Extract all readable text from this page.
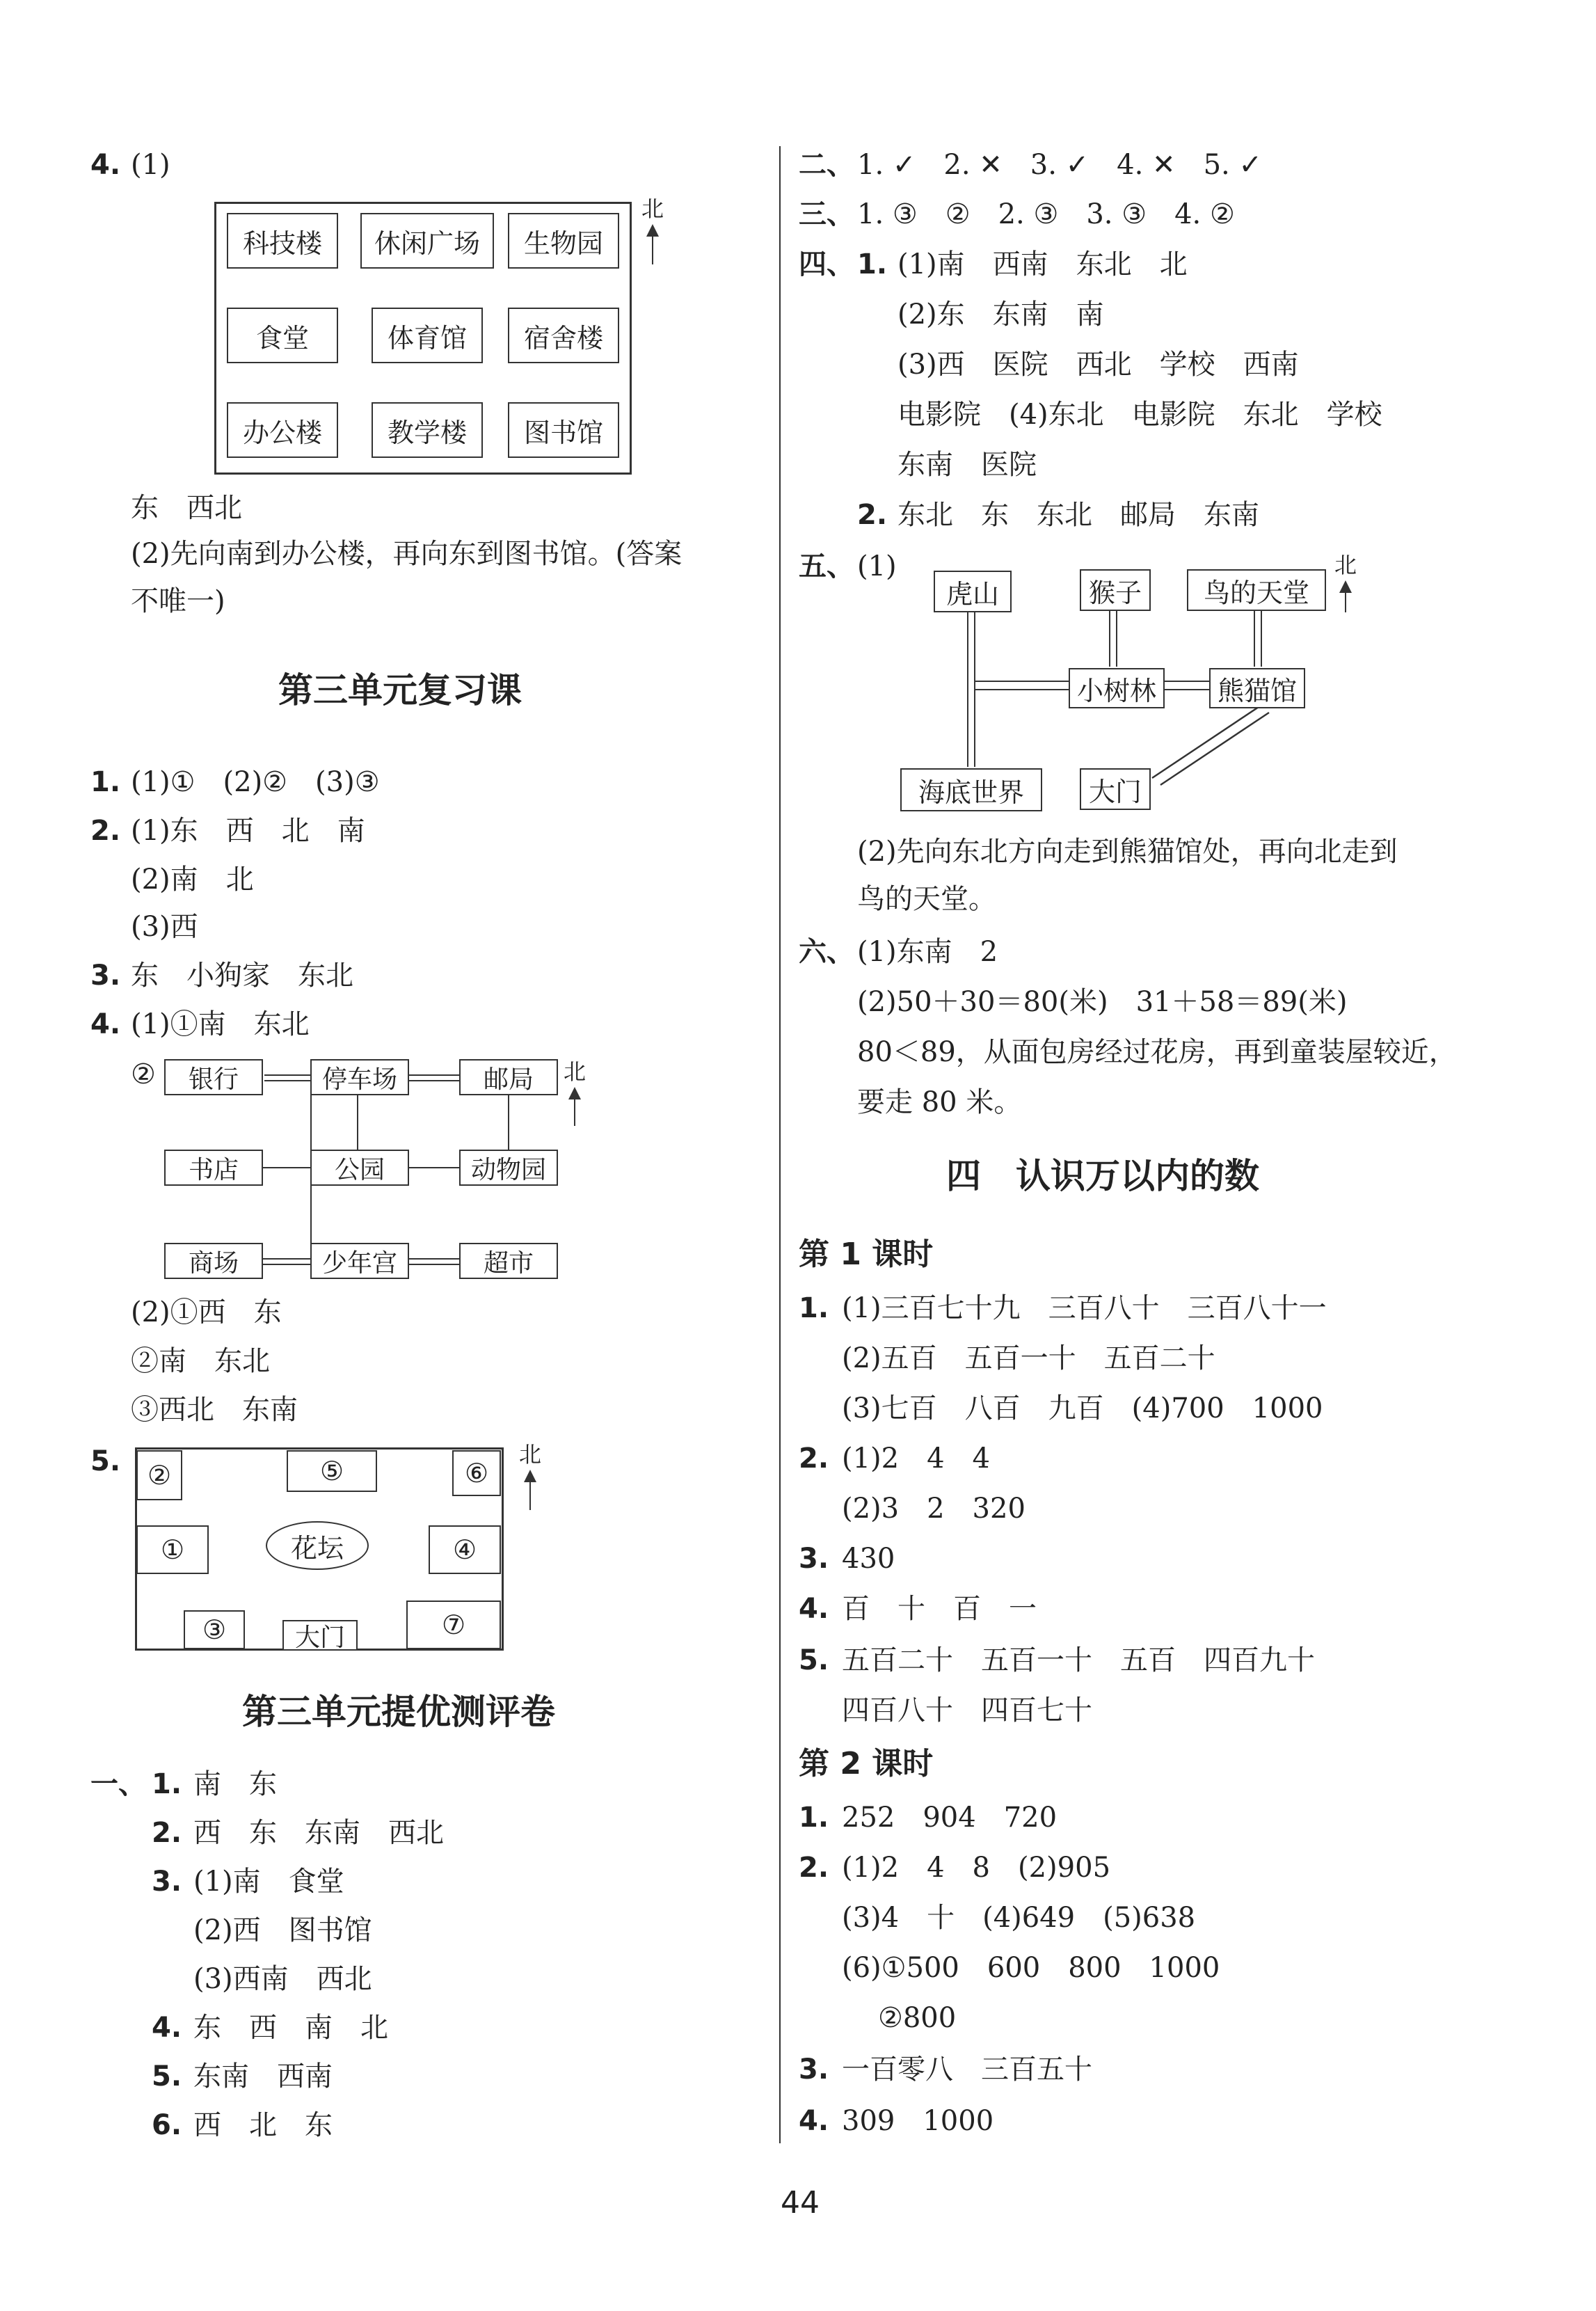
4. (1)
科技楼	休闲广场	生物园
食堂	体育馆	宿舍楼
办公楼	教学楼	图书馆
北
东　西北
(2)先向南到办公楼，再向东到图书馆。(答案
不唯一)
第三单元复习课
1. (1)①　(2)②　(3)③
2. (1)东　西　北　南
(2)南　北
(3)西
3. 东　小狗家　东北
4. (1)①南　东北
②	银行	停车场	邮局
书店	公园	动物园
商场	少年宫	超市
北
(2)①西　东
②南　东北
③西北　东南
5.	②	⑤	⑥
①	④
花坛
③	大门	⑦
北
第三单元提优测评卷
一、 1. 南　东
2. 西　东　东南　西北
3. (1)南　食堂
(2)西　图书馆
(3)西南　西北
4. 东　西　南　北
5. 东南　西南
6. 西　北　东
二、 1. ✓　2. ✕　3. ✓　4. ✕　5. ✓
三、 1. ③　②　2. ③　3. ③　4. ②
四、 1. (1)南　西南　东北　北
(2)东　东南　南
(3)西　医院　西北　学校　西南
电影院　(4)东北　电影院　东北　学校
东南　医院
2. 东北　东　东北　邮局　东南
五、 (1)
虎山	猴子	鸟的天堂
小树林	熊猫馆
海底世界	大门
北
(2)先向东北方向走到熊猫馆处，再向北走到
鸟的天堂。
六、 (1)东南　2
(2)50＋30＝80(米)　31＋58＝89(米)
80＜89，从面包房经过花房，再到童装屋较近，
要走 80 米。
四　认识万以内的数
第 1 课时
1. (1)三百七十九　三百八十　三百八十一
(2)五百　五百一十　五百二十
(3)七百　八百　九百　(4)700　1000
2. (1)2　4　4
(2)3　2　320
3. 430
4. 百　十　百　一
5. 五百二十　五百一十　五百　四百九十
四百八十　四百七十
第 2 课时
1. 252　904　720
2. (1)2　4　8　(2)905
(3)4　十　(4)649　(5)638
(6)①500　600　800　1000
②800
3. 一百零八　三百五十
4. 309　1000
44
